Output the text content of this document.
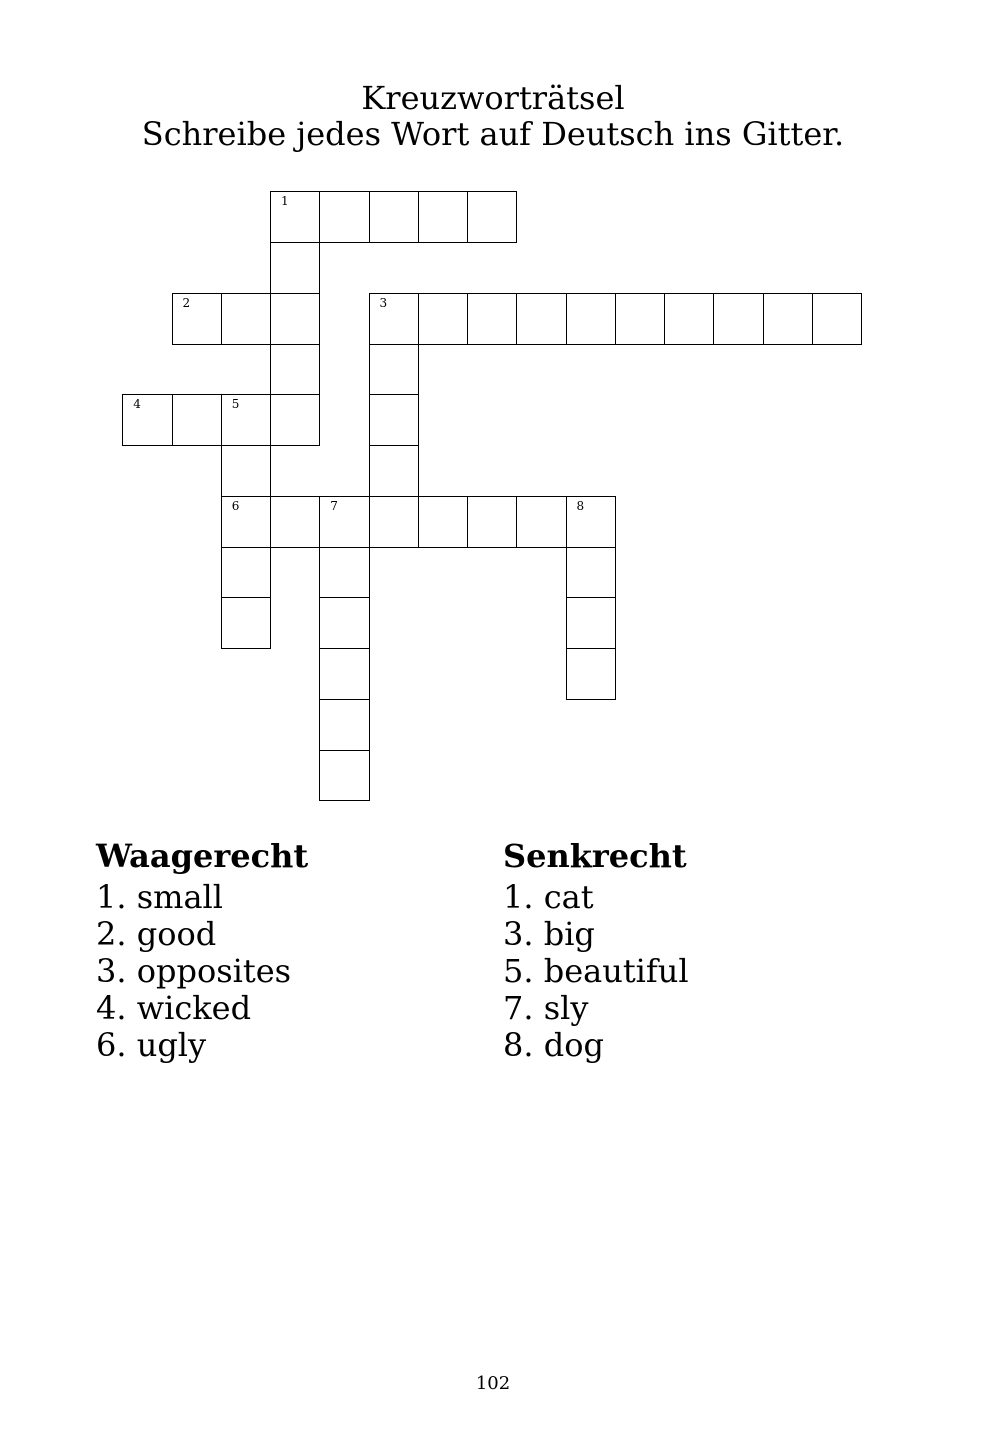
Kreuzworträtsel
Schreibe jedes Wort auf Deutsch ins Gitter.
1
2	3
4	5
6	7	8
Waagerecht
1. small
2. good
3. opposites
4. wicked
6. ugly
Senkrecht
1. cat
3. big
5. beautiful
7. sly
8. dog
102
